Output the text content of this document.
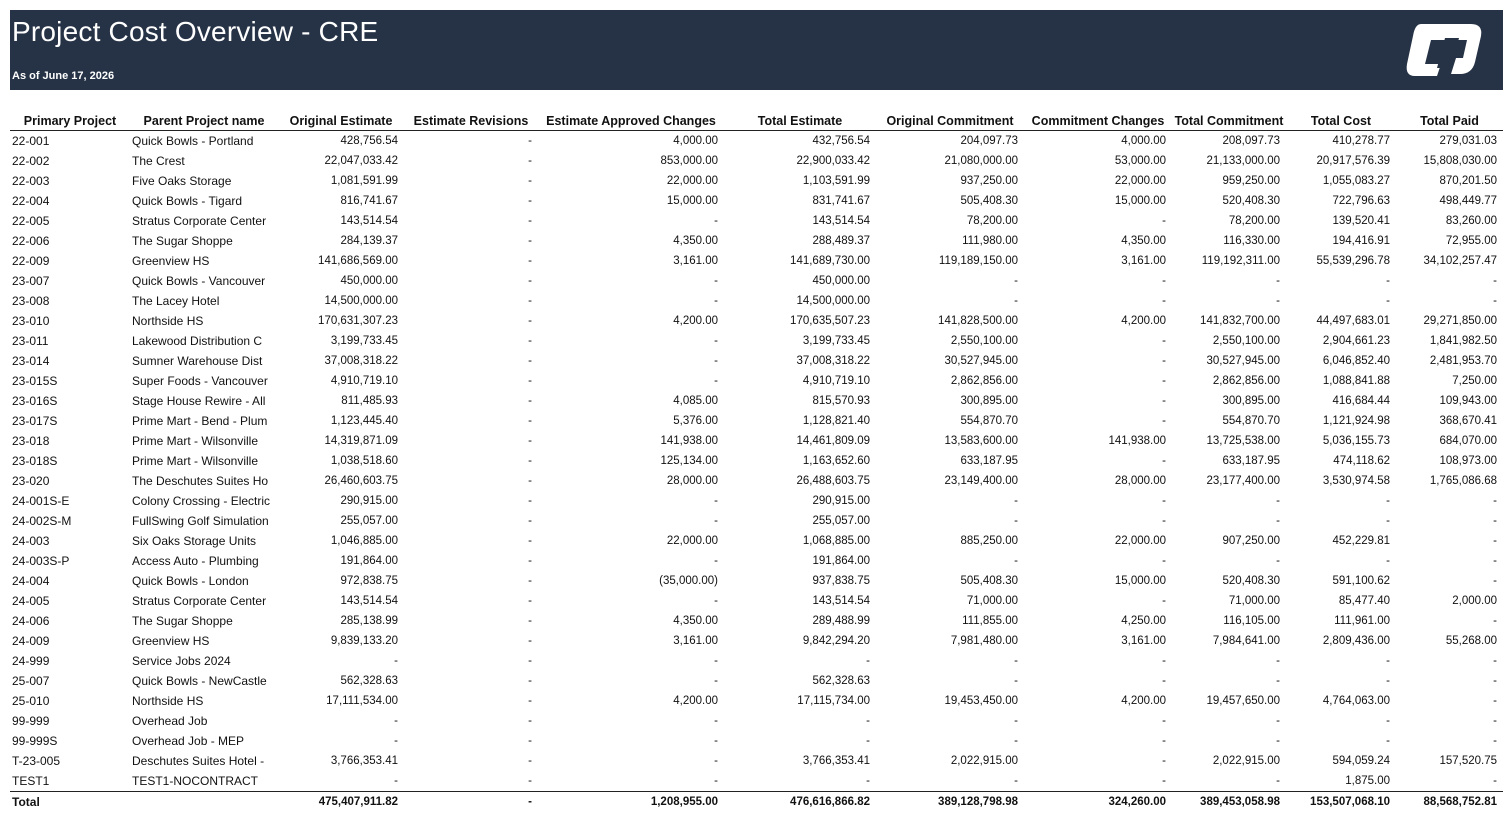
Project Cost Overview - CRE
As of June 17, 2026
Primary Project	Parent Project name	Original Estimate	Estimate Revisions	Estimate Approved Changes	Total Estimate	Original Commitment	Commitment Changes	Total Commitment	Total Cost	Total Paid
22-001	Quick Bowls - Portland	428,756.54	-	4,000.00	432,756.54	204,097.73	4,000.00	208,097.73	410,278.77	279,031.03
22-002	The Crest	22,047,033.42	-	853,000.00	22,900,033.42	21,080,000.00	53,000.00	21,133,000.00	20,917,576.39	15,808,030.00
22-003	Five Oaks Storage	1,081,591.99	-	22,000.00	1,103,591.99	937,250.00	22,000.00	959,250.00	1,055,083.27	870,201.50
22-004	Quick Bowls - Tigard	816,741.67	-	15,000.00	831,741.67	505,408.30	15,000.00	520,408.30	722,796.63	498,449.77
22-005	Stratus Corporate Center	143,514.54	-	-	143,514.54	78,200.00	-	78,200.00	139,520.41	83,260.00
22-006	The Sugar Shoppe	284,139.37	-	4,350.00	288,489.37	111,980.00	4,350.00	116,330.00	194,416.91	72,955.00
22-009	Greenview HS	141,686,569.00	-	3,161.00	141,689,730.00	119,189,150.00	3,161.00	119,192,311.00	55,539,296.78	34,102,257.47
23-007	Quick Bowls - Vancouver	450,000.00	-	-	450,000.00	-	-	-	-	-
23-008	The Lacey Hotel	14,500,000.00	-	-	14,500,000.00	-	-	-	-	-
23-010	Northside HS	170,631,307.23	-	4,200.00	170,635,507.23	141,828,500.00	4,200.00	141,832,700.00	44,497,683.01	29,271,850.00
23-011	Lakewood Distribution C	3,199,733.45	-	-	3,199,733.45	2,550,100.00	-	2,550,100.00	2,904,661.23	1,841,982.50
23-014	Sumner Warehouse Dist	37,008,318.22	-	-	37,008,318.22	30,527,945.00	-	30,527,945.00	6,046,852.40	2,481,953.70
23-015S	Super Foods - Vancouver	4,910,719.10	-	-	4,910,719.10	2,862,856.00	-	2,862,856.00	1,088,841.88	7,250.00
23-016S	Stage House Rewire - All	811,485.93	-	4,085.00	815,570.93	300,895.00	-	300,895.00	416,684.44	109,943.00
23-017S	Prime Mart - Bend - Plum	1,123,445.40	-	5,376.00	1,128,821.40	554,870.70	-	554,870.70	1,121,924.98	368,670.41
23-018	Prime Mart - Wilsonville	14,319,871.09	-	141,938.00	14,461,809.09	13,583,600.00	141,938.00	13,725,538.00	5,036,155.73	684,070.00
23-018S	Prime Mart - Wilsonville	1,038,518.60	-	125,134.00	1,163,652.60	633,187.95	-	633,187.95	474,118.62	108,973.00
23-020	The Deschutes Suites Ho	26,460,603.75	-	28,000.00	26,488,603.75	23,149,400.00	28,000.00	23,177,400.00	3,530,974.58	1,765,086.68
24-001S-E	Colony Crossing - Electric	290,915.00	-	-	290,915.00	-	-	-	-	-
24-002S-M	FullSwing Golf Simulation	255,057.00	-	-	255,057.00	-	-	-	-	-
24-003	Six Oaks Storage Units	1,046,885.00	-	22,000.00	1,068,885.00	885,250.00	22,000.00	907,250.00	452,229.81	-
24-003S-P	Access Auto - Plumbing	191,864.00	-	-	191,864.00	-	-	-	-	-
24-004	Quick Bowls - London	972,838.75	-	(35,000.00)	937,838.75	505,408.30	15,000.00	520,408.30	591,100.62	-
24-005	Stratus Corporate Center	143,514.54	-	-	143,514.54	71,000.00	-	71,000.00	85,477.40	2,000.00
24-006	The Sugar Shoppe	285,138.99	-	4,350.00	289,488.99	111,855.00	4,250.00	116,105.00	111,961.00	-
24-009	Greenview HS	9,839,133.20	-	3,161.00	9,842,294.20	7,981,480.00	3,161.00	7,984,641.00	2,809,436.00	55,268.00
24-999	Service Jobs 2024	-	-	-	-	-	-	-	-	-
25-007	Quick Bowls - NewCastle	562,328.63	-	-	562,328.63	-	-	-	-	-
25-010	Northside HS	17,111,534.00	-	4,200.00	17,115,734.00	19,453,450.00	4,200.00	19,457,650.00	4,764,063.00	-
99-999	Overhead Job	-	-	-	-	-	-	-	-	-
99-999S	Overhead Job - MEP	-	-	-	-	-	-	-	-	-
T-23-005	Deschutes Suites Hotel -	3,766,353.41	-	-	3,766,353.41	2,022,915.00	-	2,022,915.00	594,059.24	157,520.75
TEST1	TEST1-NOCONTRACT	-	-	-	-	-	-	-	1,875.00	-
Total		475,407,911.82	-	1,208,955.00	476,616,866.82	389,128,798.98	324,260.00	389,453,058.98	153,507,068.10	88,568,752.81
